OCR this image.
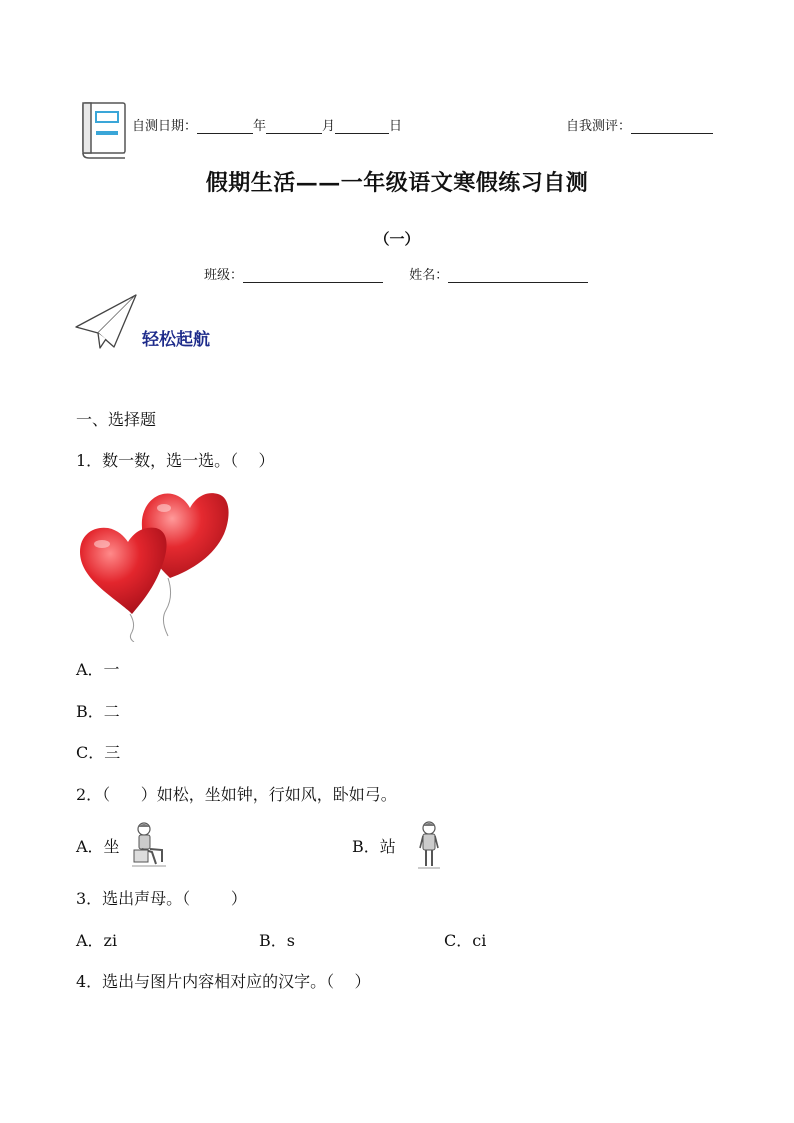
自测日期：	年	月	日	自我测评：
假期生活——一年级语文寒假练习自测
（一）
班级：	姓名：
轻松起航
一、选择题
1．数一数，选一选。（    ）
A．一
B．二
C．三
2．（      ）如松，坐如钟，行如风，卧如弓。
A．坐	B．站
3．选出声母。（        ）
A．zi	B．s	C．ci
4．选出与图片内容相对应的汉字。（    ）
